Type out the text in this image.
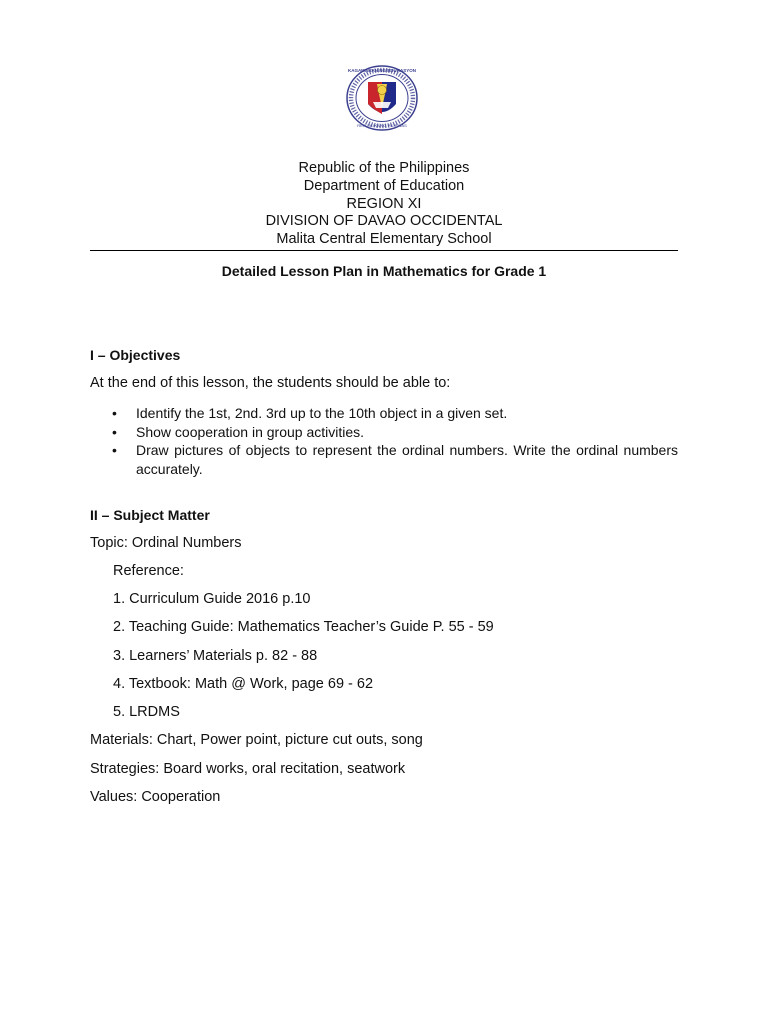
REPUBLIKA NG PILIPINAS
KAGAWARAN NG EDUKASYON
Republic of the Philippines
Department of Education
REGION XI
DIVISION OF DAVAO OCCIDENTAL
Malita Central Elementary School
Detailed Lesson Plan in Mathematics for Grade 1
I – Objectives
At the end of this lesson, the students should be able to:
• Identify the 1st, 2nd. 3rd up to the 10th object in a given set.
• Show cooperation in group activities.
• Draw pictures of objects to represent the ordinal numbers. Write the ordinal numbers accurately.
II – Subject Matter
Topic: Ordinal Numbers
Reference:
1. Curriculum Guide 2016 p.10
2. Teaching Guide: Mathematics Teacher’s Guide P. 55 - 59
3. Learners’ Materials p. 82 - 88
4. Textbook: Math @ Work, page 69 - 62
5. LRDMS
Materials: Chart, Power point, picture cut outs, song
Strategies: Board works, oral recitation, seatwork
Values: Cooperation
